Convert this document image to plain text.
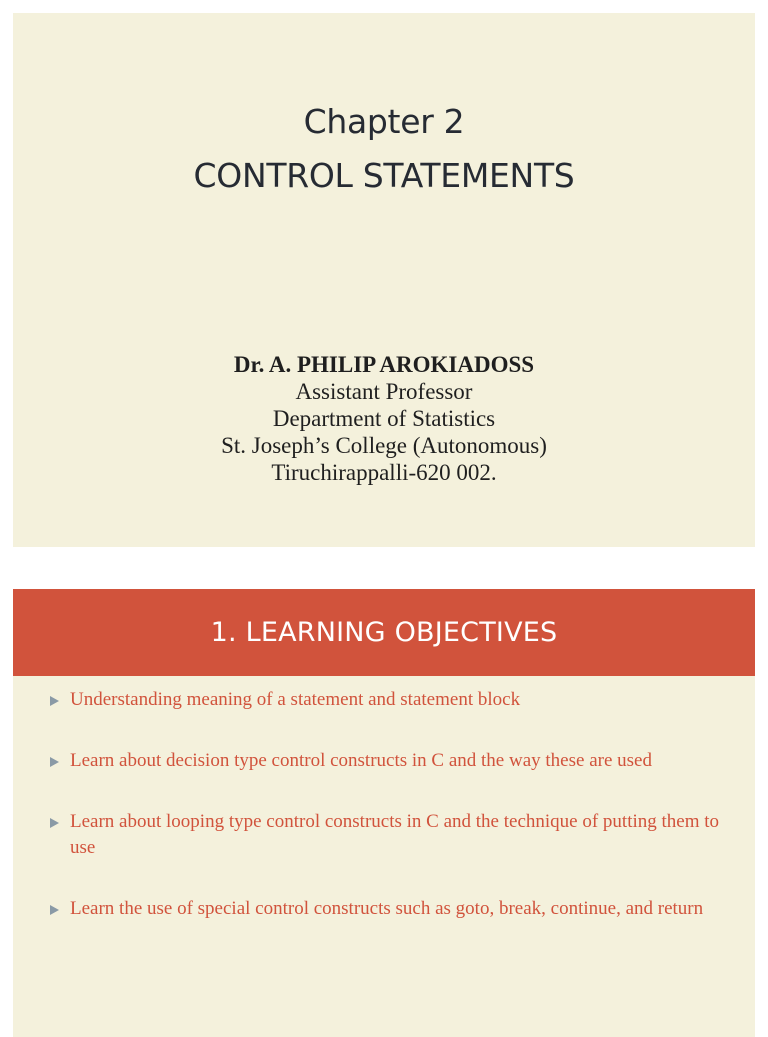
Chapter 2
CONTROL STATEMENTS
Dr. A. PHILIP AROKIADOSS
Assistant Professor
Department of Statistics
St. Joseph’s College (Autonomous)
Tiruchirappalli-620 002.
1. LEARNING OBJECTIVES
Understanding meaning of a statement and statement block
Learn about decision type control constructs in C and the way these are used
Learn about looping type control constructs in C and the technique of putting them to use
Learn the use of special control constructs such as goto, break, continue, and return
